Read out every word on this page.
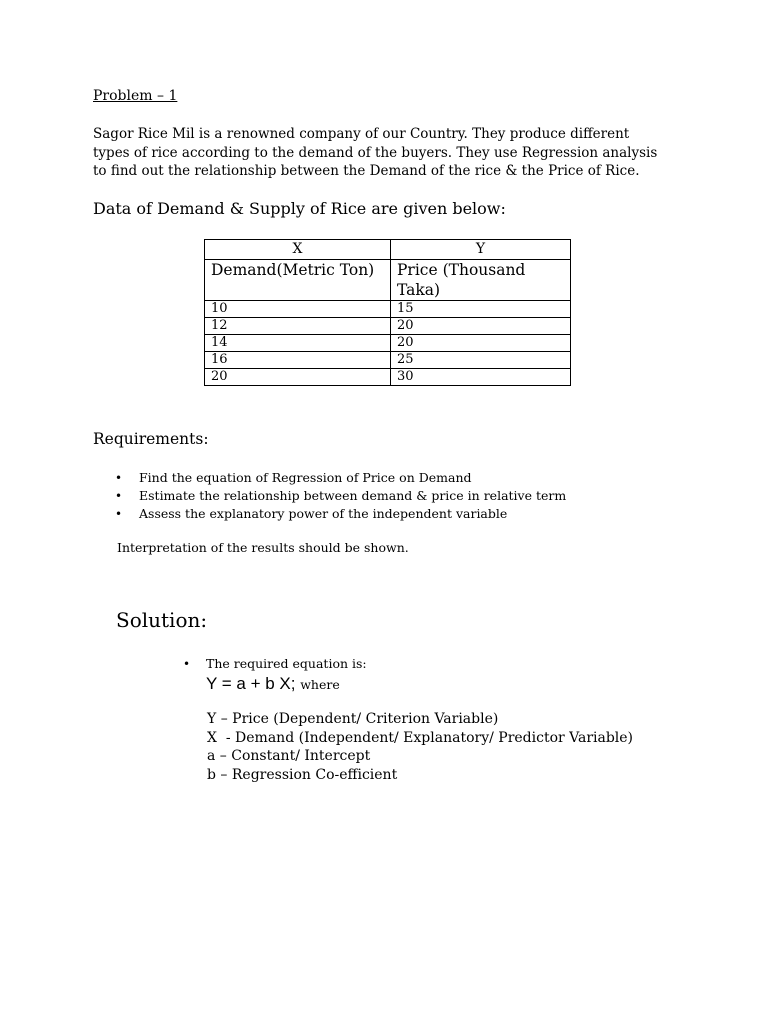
Problem – 1

Sagor Rice Mil is a renowned company of our Country. They produce different
types of rice according to the demand of the buyers. They use Regression analysis
to find out the relationship between the Demand of the rice & the Price of Rice.

Data of Demand & Supply of Rice are given below:
X	Y
Demand(Metric Ton)	Price (Thousand
Taka)
10	15
12	20
14	20
16	25
20	30
Requirements:
• Find the equation of Regression of Price on Demand
• Estimate the relationship between demand & price in relative term
• Assess the explanatory power of the independent variable
Interpretation of the results should be shown.
Solution:
• The required equation is:
Y = a + b X; where
Y – Price (Dependent/ Criterion Variable)
X  - Demand (Independent/ Explanatory/ Predictor Variable)
a – Constant/ Intercept
b – Regression Co-efficient
